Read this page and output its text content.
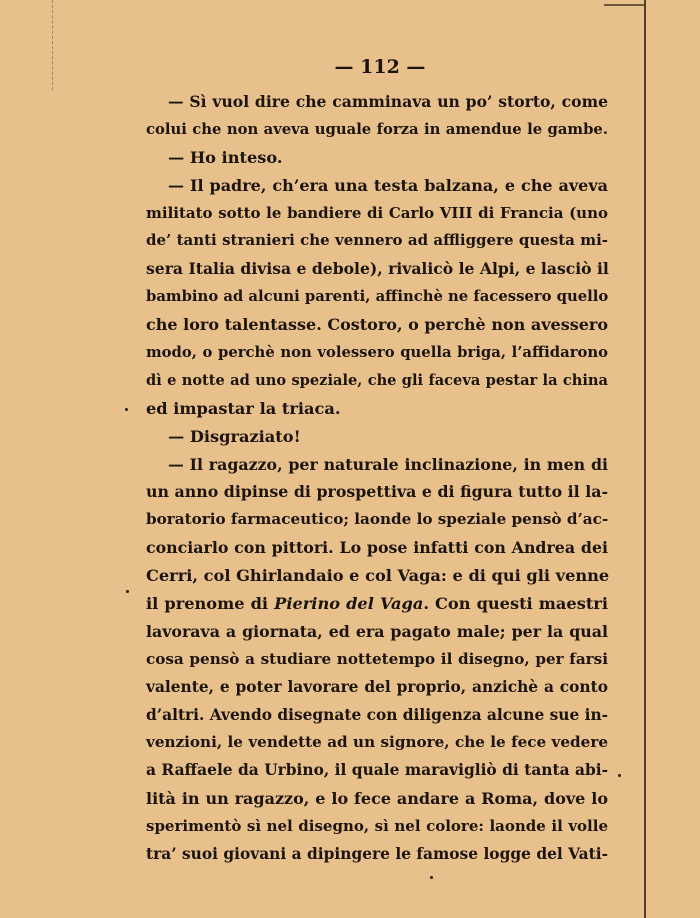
— 112 —
— Sì vuol dire che camminava un po’ storto, come
colui che non aveva uguale forza in amendue le gambe.
— Ho inteso.
— Il padre, ch’era una testa balzana, e che aveva
militato sotto le bandiere di Carlo VIII di Francia (uno
de’ tanti stranieri che vennero ad affliggere questa mi-
sera Italia divisa e debole), rivalicò le Alpi, e lasciò il
bambino ad alcuni parenti, affinchè ne facessero quello
che loro talentasse. Costoro, o perchè non avessero
modo, o perchè non volessero quella briga, l’affidarono
dì e notte ad uno speziale, che gli faceva pestar la china
ed impastar la triaca.
— Disgraziato!
— Il ragazzo, per naturale inclinazione, in men di
un anno dipinse di prospettiva e di figura tutto il la-
boratorio farmaceutico; laonde lo speziale pensò d’ac-
conciarlo con pittori. Lo pose infatti con Andrea dei
Cerri, col Ghirlandaio e col Vaga: e di qui gli venne
il prenome di Pierino del Vaga. Con questi maestri
lavorava a giornata, ed era pagato male; per la qual
cosa pensò a studiare nottetempo il disegno, per farsi
valente, e poter lavorare del proprio, anzichè a conto
d’altri. Avendo disegnate con diligenza alcune sue in-
venzioni, le vendette ad un signore, che le fece vedere
a Raffaele da Urbino, il quale maravigliò di tanta abi-
lità in un ragazzo, e lo fece andare a Roma, dove lo
sperimentò sì nel disegno, sì nel colore: laonde il volle
tra’ suoi giovani a dipingere le famose logge del Vati-
